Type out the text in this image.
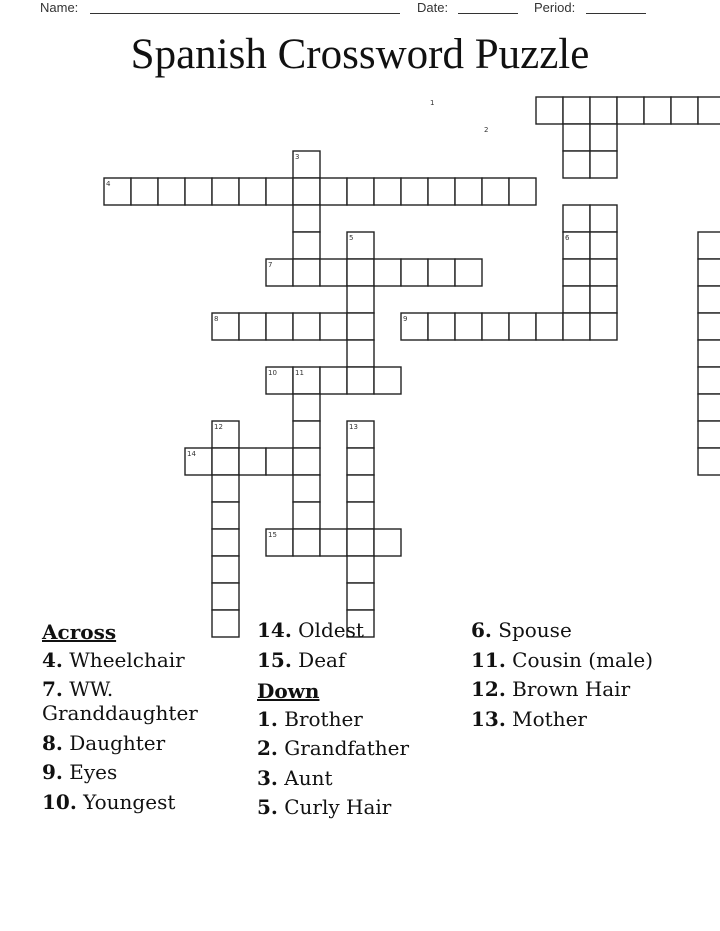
Name:	Date:	Period:
Spanish Crossword Puzzle
1
2
3
4
5	6
7
8	9
10	11
12	13
14
15
Across
4. Wheelchair
7. WW. Granddaughter
8. Daughter
9. Eyes
10. Youngest
14. Oldest
15. Deaf
Down
1. Brother
2. Grandfather
3. Aunt
5. Curly Hair
6. Spouse
11. Cousin (male)
12. Brown Hair
13. Mother
